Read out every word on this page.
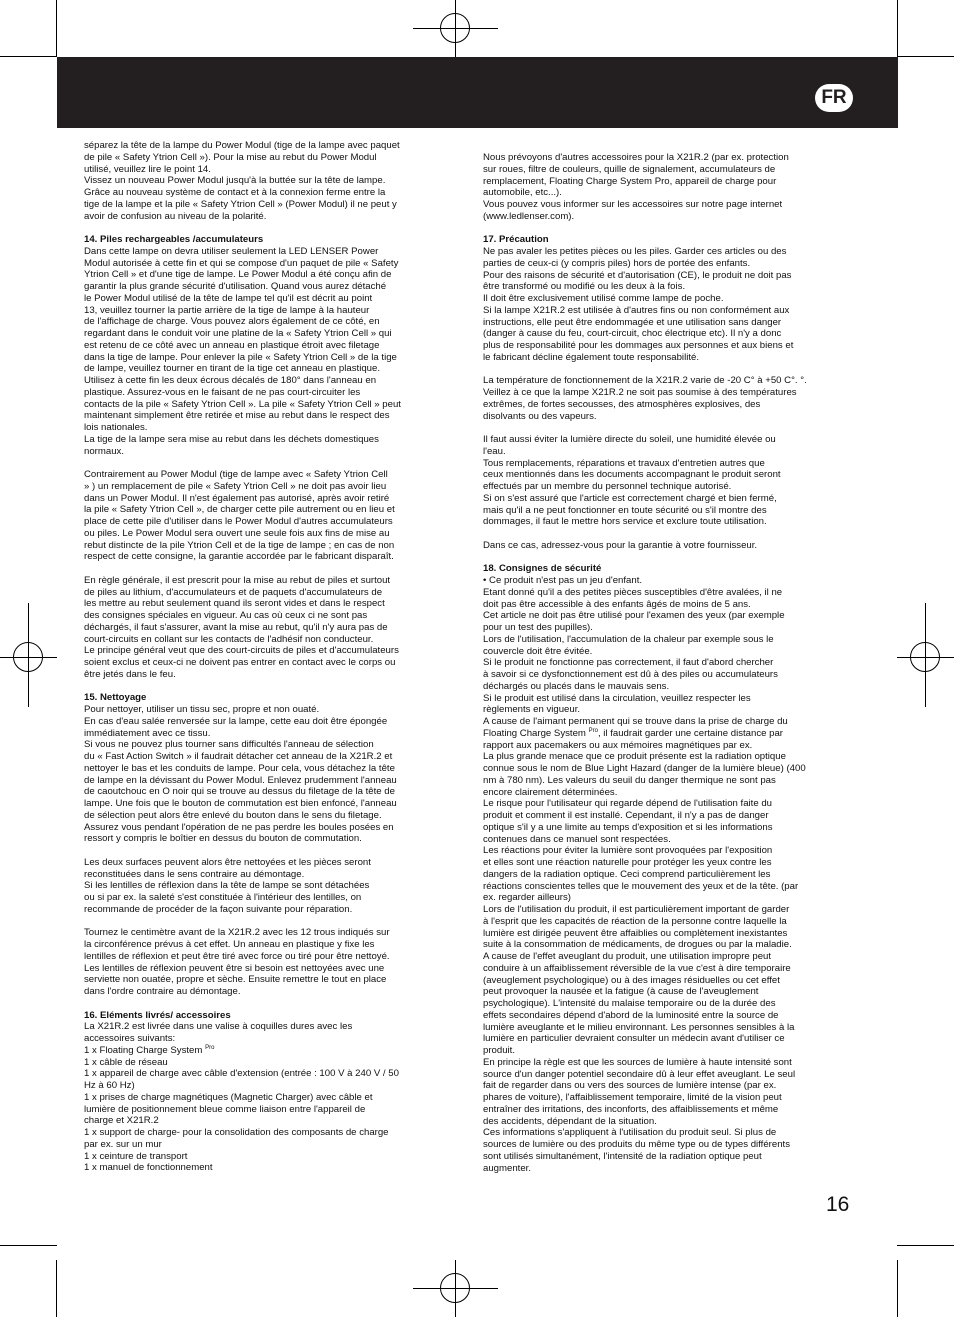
FR

séparez la tête de la lampe du Power Modul (tige de la lampe avec paquet
de pile « Safety Ytrion Cell »). Pour la mise au rebut du Power Modul
utilisé, veuillez lire le point 14.
Vissez un nouveau Power Modul jusqu'à la buttée sur la tête de lampe.
Grâce au nouveau système de contact et à la connexion ferme entre la
tige de la lampe et la pile « Safety Ytrion Cell » (Power Modul) il ne peut y
avoir de confusion au niveau de la polarité.

14. Piles rechargeables /accumulateurs

Dans cette lampe on devra utiliser seulement la LED LENSER Power
Modul autorisée à cette fin et qui se compose d'un paquet de pile « Safety
Ytrion Cell » et d'une tige de lampe. Le Power Modul a été conçu afin de
garantir la plus grande sécurité d'utilisation. Quand vous aurez détaché
le Power Modul utilisé de la tête de lampe tel qu'il est décrit au point
13, veuillez tourner la partie arrière de la tige de lampe à la hauteur
de l'affichage de charge. Vous pouvez alors également de ce côté, en
regardant dans le conduit voir une platine de la « Safety Ytrion Cell » qui
est retenu de ce côté avec un anneau en plastique étroit avec filetage
dans la tige de lampe. Pour enlever la pile « Safety Ytrion Cell » de la tige
de lampe, veuillez tourner en tirant de la tige cet anneau en plastique.
Utilisez à cette fin les deux écrous décalés de 180° dans l'anneau en
plastique. Assurez-vous en le faisant de ne pas court-circuiter les
contacts de la pile « Safety Ytrion Cell ». La pile « Safety Ytrion Cell » peut
maintenant simplement être retirée et mise au rebut dans le respect des
lois nationales.
La tige de la lampe sera mise au rebut dans les déchets domestiques
normaux.

Contrairement au Power Modul (tige de lampe avec « Safety Ytrion Cell
» ) un remplacement de pile « Safety Ytrion Cell » ne doit pas avoir lieu
dans un Power Modul. Il n'est également pas autorisé, après avoir retiré
la pile « Safety Ytrion Cell », de charger cette pile autrement ou en lieu et
place de cette pile d'utiliser dans le Power Modul d'autres accumulateurs
ou piles. Le Power Modul sera ouvert une seule fois aux fins de mise au
rebut distincte de la pile Ytrion Cell et de la tige de lampe ; en cas de non
respect de cette consigne, la garantie accordée par le fabricant disparaît.

En règle générale, il est prescrit pour la mise au rebut de piles et surtout
de piles au lithium, d'accumulateurs et de paquets d'accumulateurs de
les mettre au rebut seulement quand ils seront vides et dans le respect
des consignes spéciales en vigueur. Au cas où ceux ci ne sont pas
déchargés, il faut s'assurer, avant la mise au rebut, qu'il n'y aura pas de
court-circuits en collant sur les contacts de l'adhésif non conducteur.
Le principe général veut que des court-circuits de piles et d'accumulateurs
soient exclus et ceux-ci ne doivent pas entrer en contact avec le corps ou
être jetés dans le feu.

15. Nettoyage

Pour nettoyer, utiliser un tissu sec, propre et non ouaté.
En cas d'eau salée renversée sur la lampe, cette eau doit être épongée
immédiatement avec ce tissu.
Si vous ne pouvez plus tourner sans difficultés l'anneau de sélection
du « Fast Action Switch » il faudrait détacher cet anneau de la X21R.2 et
nettoyer le bas et les conduits de lampe. Pour cela, vous détachez la tête
de lampe en la dévissant du Power Modul. Enlevez prudemment l'anneau
de caoutchouc en O noir qui se trouve au dessus du filetage de la tête de
lampe. Une fois que le bouton de commutation est bien enfoncé, l'anneau
de sélection peut alors être enlevé du bouton dans le sens du filetage.
Assurez vous pendant l'opération de ne pas perdre les boules posées en
ressort y compris le boîtier en dessus du bouton de commutation.

Les deux surfaces peuvent alors être nettoyées et les pièces seront
reconstituées dans le sens contraire au démontage.
Si les lentilles de réflexion dans la tête de lampe se sont détachées
ou si par ex. la saleté s'est constituée à l'intérieur des lentilles, on
recommande de procéder de la façon suivante pour réparation.

Tournez le centimètre avant de la X21R.2 avec les 12 trous indiqués sur
la circonférence prévus à cet effet. Un anneau en plastique y fixe les
lentilles de réflexion et peut être tiré avec force ou tiré pour être nettoyé.
Les lentilles de réflexion peuvent être si besoin est nettoyées avec une
serviette non ouatée, propre et sèche. Ensuite remettre le tout en place
dans l'ordre contraire au démontage.

16. Eléments livrés/ accessoires

La X21R.2 est livrée dans une valise à coquilles dures avec les
accessoires suivants:

1 x Floating Charge System $^{Pro}$

1 x câble de réseau
1 x appareil de charge avec câble d'extension (entrée : 100 V à 240 V / 50
Hz à 60 Hz)
1 x prises de charge magnétiques (Magnetic Charger) avec câble et
lumière de positionnement bleue comme liaison entre l'appareil de
charge et X21R.2
1 x support de charge- pour la consolidation des composants de charge
par ex. sur un mur
1 x ceinture de transport
1 x manuel de fonctionnement

Nous prévoyons d'autres accessoires pour la X21R.2 (par ex. protection
sur roues, filtre de couleurs, quille de signalement, accumulateurs de
remplacement, Floating Charge System Pro, appareil de charge pour
automobile, etc...).
Vous pouvez vous informer sur les accessoires sur notre page internet
(www.ledlenser.com).

17. Précaution

Ne pas avaler les petites pièces ou les piles. Garder ces articles ou des
parties de ceux-ci (y compris piles) hors de portée des enfants.
Pour des raisons de sécurité et d'autorisation (CE), le produit ne doit pas
être transformé ou modifié ou les deux à la fois.
Il doit être exclusivement utilisé comme lampe de poche.
Si la lampe X21R.2 est utilisée à d'autres fins ou non conformément aux
instructions, elle peut être endommagée et une utilisation sans danger
(danger à cause du feu, court-circuit, choc électrique etc). Il n'y a donc
plus de responsabilité pour les dommages aux personnes et aux biens et
le fabricant décline également toute responsabilité.

La température de fonctionnement de la X21R.2 varie de -20 C° à +50 C°. °.
Veillez à ce que la lampe X21R.2 ne soit pas soumise à des températures
extrêmes, de fortes secousses, des atmosphères explosives, des
disolvants ou des vapeurs.

Il faut aussi éviter la lumière directe du soleil, une humidité élevée ou
l'eau.
Tous remplacements, réparations et travaux d'entretien autres que
ceux mentionnés dans les documents accompagnant le produit seront
effectués par un membre du personnel technique autorisé.
Si on s'est assuré que l'article est correctement chargé et bien fermé,
mais qu'il a ne peut fonctionner en toute sécurité ou s'il montre des
dommages, il faut le mettre hors service et exclure toute utilisation.

Dans ce cas, adressez-vous pour la garantie à votre fournisseur.

18. Consignes de sécurité

• Ce produit n'est pas un jeu d'enfant.
Etant donné qu'il a des petites pièces susceptibles d'être avalées, il ne
doit pas être accessible à des enfants âgés de moins de 5 ans.
Cet article ne doit pas être utilisé pour l'examen des yeux (par exemple
pour un test des pupilles).
Lors de l'utilisation, l'accumulation de la chaleur par exemple sous le
couvercle doit être évitée.
Si le produit ne fonctionne pas correctement, il faut d'abord chercher
à savoir si ce dysfonctionnement est dû à des piles ou accumulateurs
déchargés ou placés dans le mauvais sens.
Si le produit est utilisé dans la circulation, veuillez respecter les
règlements en vigueur.
A cause de l'aimant permanent qui se trouve dans la prise de charge du

Floating Charge System $^{Pro}$, il faudrait garder une certaine distance par

rapport aux pacemakers ou aux mémoires magnétiques par ex.
La plus grande menace que ce produit présente est la radiation optique
connue sous le nom de Blue Light Hazard (danger de la lumière bleue) (400
nm à 780 nm). Les valeurs du seuil du danger thermique ne sont pas
encore clairement déterminées.
Le risque pour l'utilisateur qui regarde dépend de l'utilisation faite du
produit et comment il est installé. Cependant, il n'y a pas de danger
optique s'il y a une limite au temps d'exposition et si les informations
contenues dans ce manuel sont respectées.
Les réactions pour éviter la lumière sont provoquées par l'exposition
et elles sont une réaction naturelle pour protéger les yeux contre les
dangers de la radiation optique. Ceci comprend particulièrement les
réactions conscientes telles que le mouvement des yeux et de la tête. (par
ex. regarder ailleurs)
Lors de l'utilisation du produit, il est particulièrement important de garder
à l'esprit que les capacités de réaction de la personne contre laquelle la
lumière est dirigée peuvent être affaiblies ou complètement inexistantes
suite à la consommation de médicaments, de drogues ou par la maladie.
A cause de l'effet aveuglant du produit, une utilisation impropre peut
conduire à un affaiblissement réversible de la vue c'est à dire temporaire
(aveuglement psychologique) ou à des images résiduelles ou cet effet
peut provoquer la nausée et la fatigue (à cause de l'aveuglement
psychologique). L'intensité du malaise temporaire ou de la durée des
effets secondaires dépend d'abord de la luminosité entre la source de
lumière aveuglante et le milieu environnant. Les personnes sensibles à la
lumière en particulier devraient consulter un médecin avant d'utiliser ce
produit.
En principe la règle est que les sources de lumière à haute intensité sont
source d'un danger potentiel secondaire dû à leur effet aveuglant. Le seul
fait de regarder dans ou vers des sources de lumière intense (par ex.
phares de voiture), l'affaiblissement temporaire, limité de la vision peut
entraîner des irritations, des inconforts, des affaiblissements et même
des accidents, dépendant de la situation.
Ces informations s'appliquent à l'utilisation du produit seul. Si plus de
sources de lumière ou des produits du même type ou de types différents
sont utilisés simultanément, l'intensité de la radiation optique peut
augmenter.

16
